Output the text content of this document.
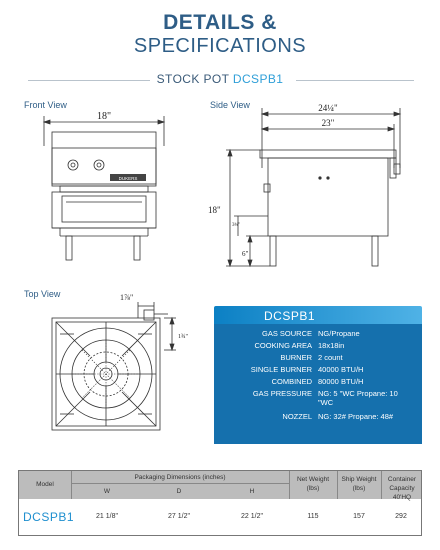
DETAILS &
SPECIFICATIONS
STOCK POT DCSPB1
Front View	Side View
Top View
DUKERS
18"
24¼"
23"
18"
3¾"
6"
1⅞"
1¾"
DCSPB1
GAS SOURCE NG/Propane
COOKING AREA 18x18in
BURNER 2 count
SINGLE BURNER 40000 BTU/H
COMBINED 80000 BTU/H
GAS PRESSURE NG: 5 "WC Propane: 10 "WC
NOZZEL NG: 32# Propane: 48#
Model
Packaging Dimensions (inches)
W	D	H
Net Weight (lbs)
Ship Weight (lbs)
Container Capacity 40'HQ
DCSPB1	21 1/8"	27 1/2"	22 1/2"	115	157	292
